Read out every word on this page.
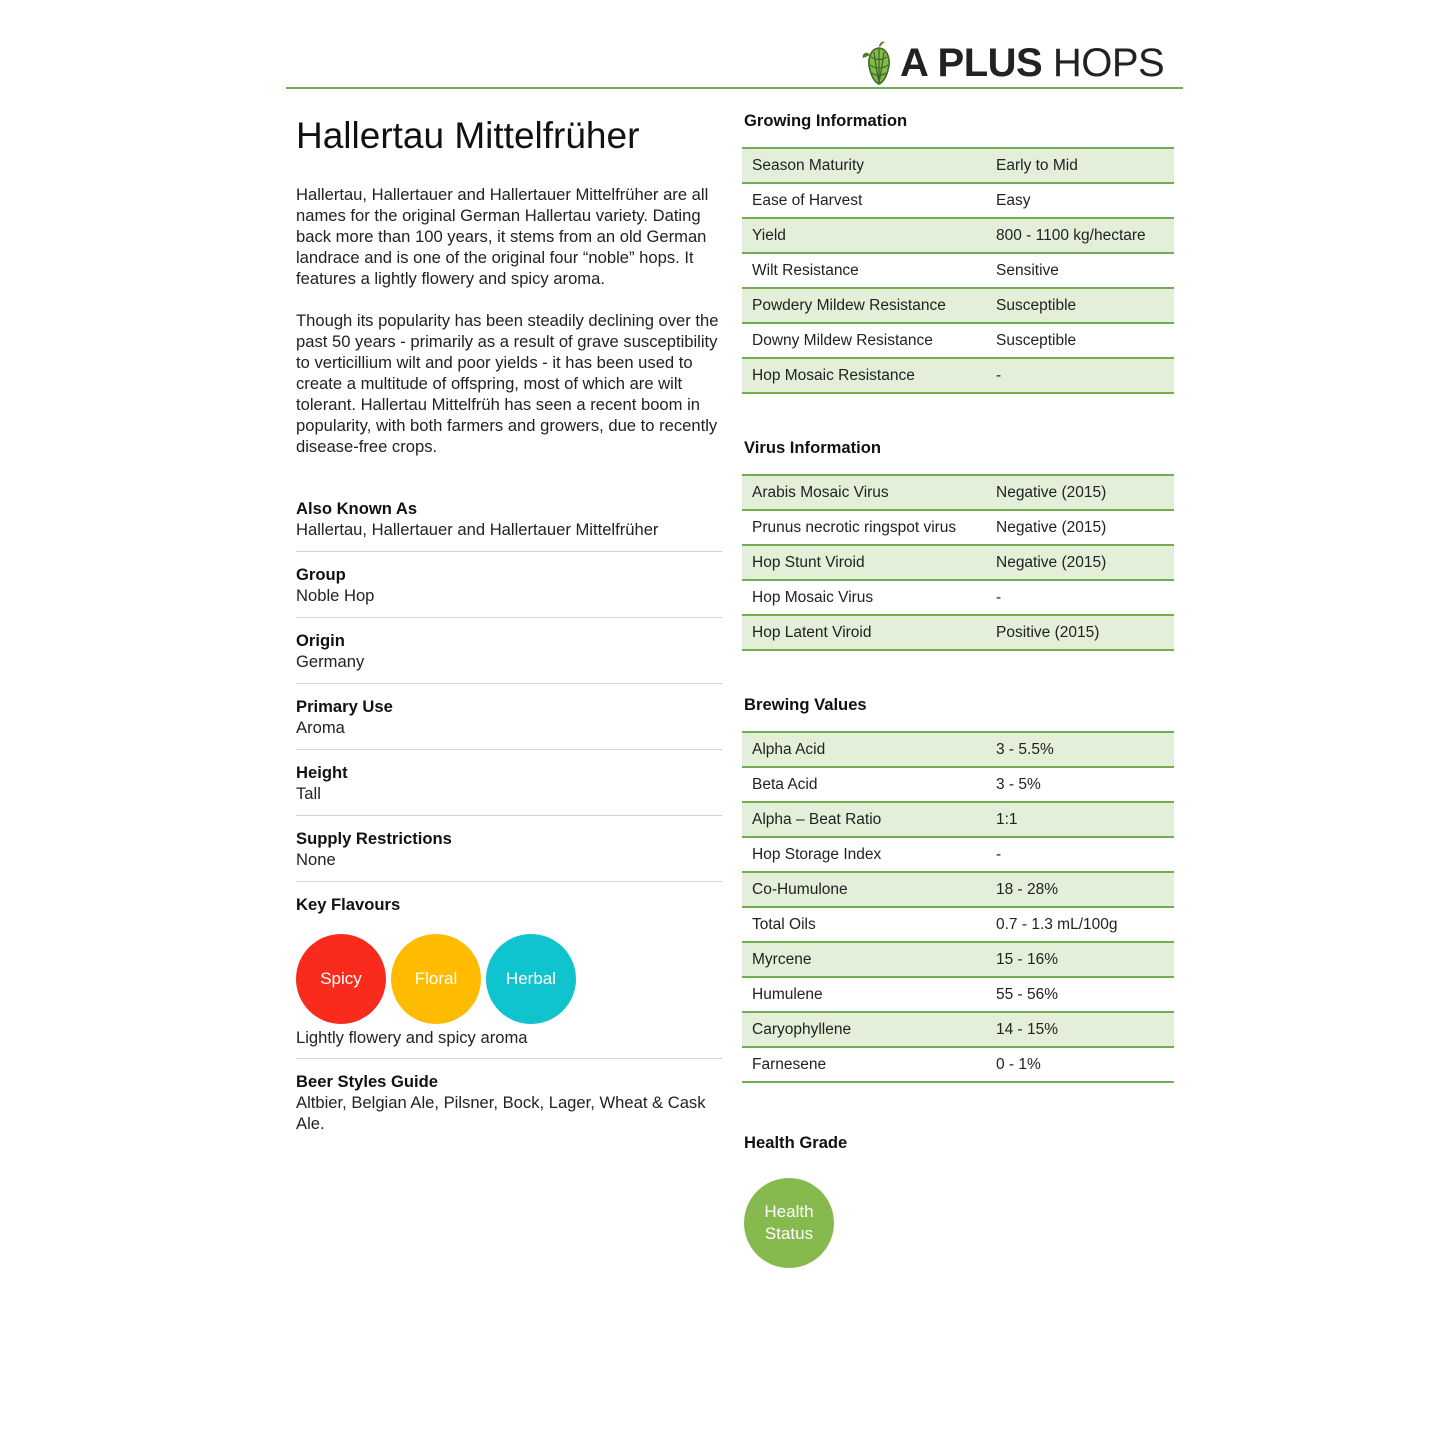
A PLUS HOPS
Hallertau Mittelfrüher

Hallertau, Hallertauer and Hallertauer Mittelfrüher are all names for the original German Hallertau variety. Dating back more than 100 years, it stems from an old German landrace and is one of the original four “noble” hops. It features a lightly flowery and spicy aroma.

Though its popularity has been steadily declining over the past 50 years - primarily as a result of grave susceptibility to verticillium wilt and poor yields - it has been used to create a multitude of offspring, most of which are wilt tolerant. Hallertau Mittelfrüh has seen a recent boom in popularity, with both farmers and growers, due to recently disease-free crops.

Also Known As
Hallertau, Hallertauer and Hallertauer Mittelfrüher
Group
Noble Hop
Origin
Germany
Primary Use
Aroma
Height
Tall
Supply Restrictions
None
Key Flavours
Spicy	Floral	Herbal
Lightly flowery and spicy aroma
Beer Styles Guide
Altbier, Belgian Ale, Pilsner, Bock, Lager, Wheat & Cask Ale.
Growing Information
Season Maturity	Early to Mid
Ease of Harvest	Easy
Yield	800 - 1100 kg/hectare
Wilt Resistance	Sensitive
Powdery Mildew Resistance	Susceptible
Downy Mildew Resistance	Susceptible
Hop Mosaic Resistance	-
Virus Information
Arabis Mosaic Virus	Negative (2015)
Prunus necrotic ringspot virus	Negative (2015)
Hop Stunt Viroid	Negative (2015)
Hop Mosaic Virus	-
Hop Latent Viroid	Positive (2015)
Brewing Values
Alpha Acid	3 - 5.5%
Beta Acid	3 - 5%
Alpha – Beat Ratio	1:1
Hop Storage Index	-
Co-Humulone	18 - 28%
Total Oils	0.7 - 1.3 mL/100g
Myrcene	15 - 16%
Humulene	55 - 56%
Caryophyllene	14 - 15%
Farnesene	0 - 1%
Health Grade
Health
Status
